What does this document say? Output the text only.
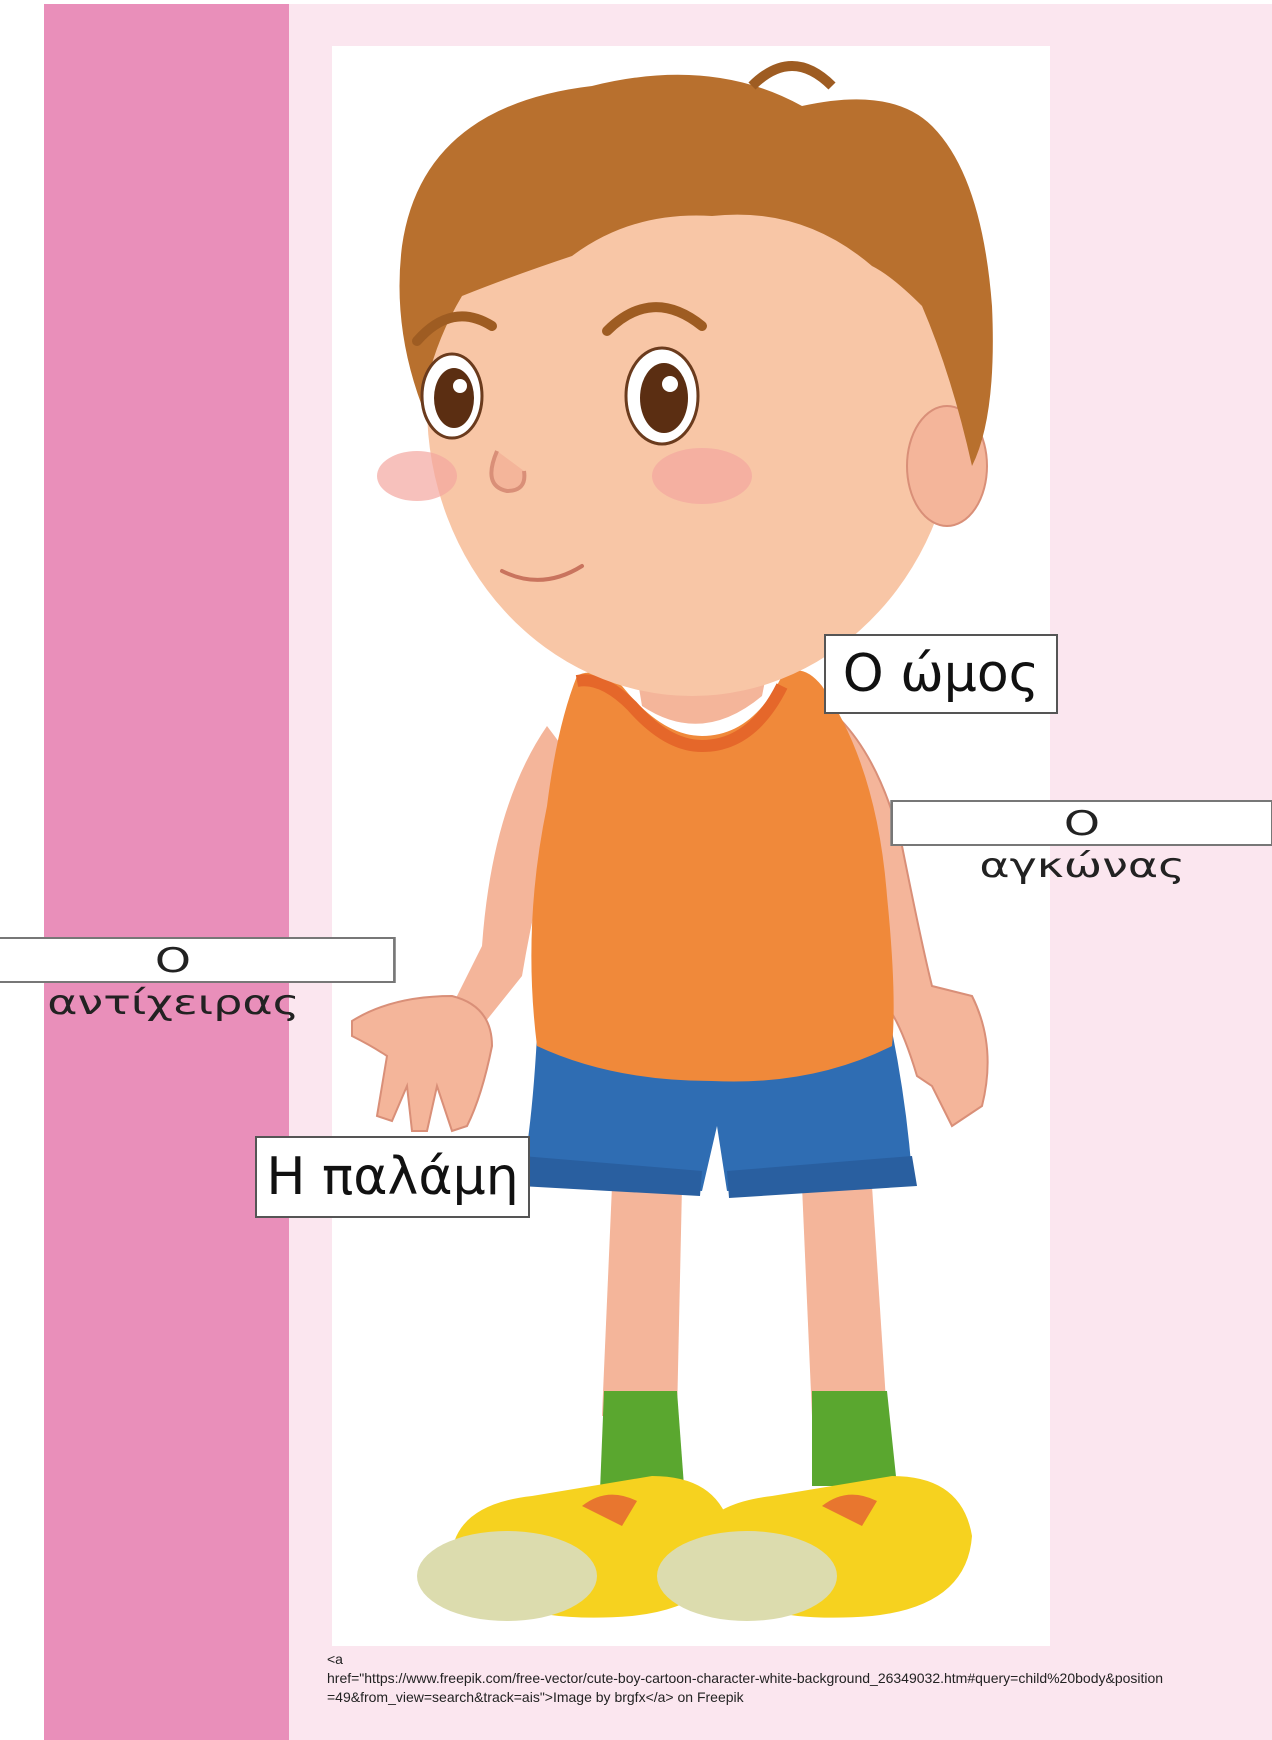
Ο ώμος
Ο
αγκώνας
Ο
αντίχειρας
Η παλάμη
<a
href="https://www.freepik.com/free-vector/cute-boy-cartoon-character-white-background_26349032.htm#query=child%20body&position
=49&from_view=search&track=ais">Image by brgfx</a> on Freepik
